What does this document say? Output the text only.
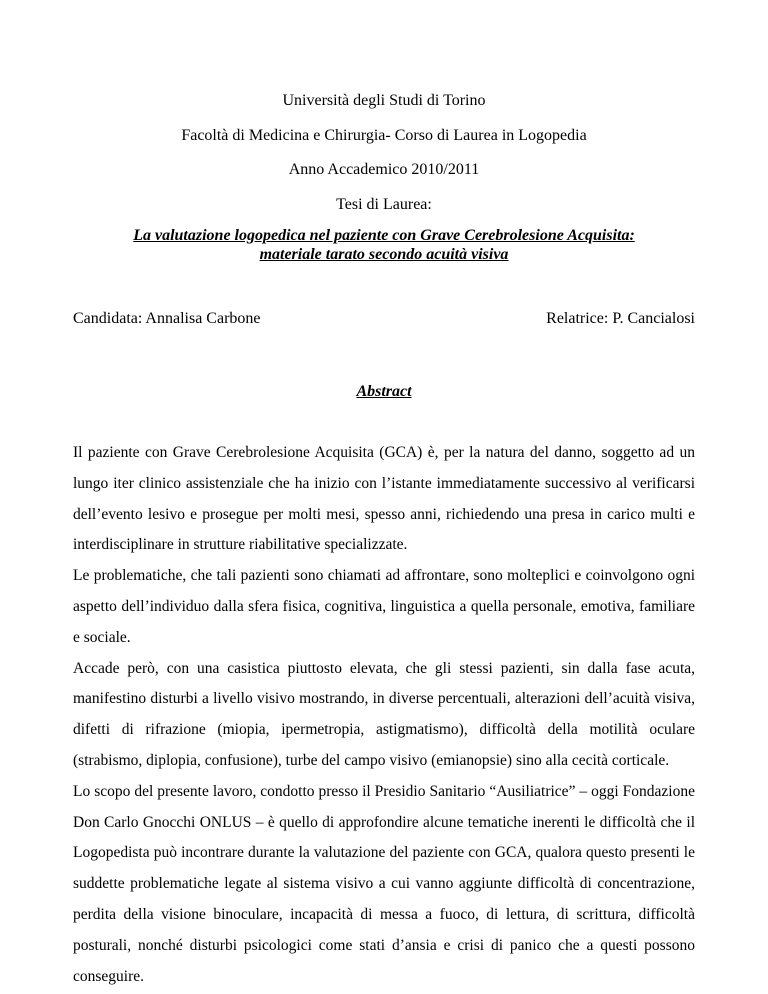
Università degli Studi di Torino
Facoltà di Medicina e Chirurgia- Corso di Laurea in Logopedia
Anno Accademico 2010/2011
Tesi di Laurea:
La valutazione logopedica nel paziente con Grave Cerebrolesione Acquisita:
materiale tarato secondo acuità visiva
Candidata: Annalisa Carbone	Relatrice: P. Cancialosi
Abstract

Il paziente con Grave Cerebrolesione Acquisita (GCA) è, per la natura del danno, soggetto ad un lungo iter clinico assistenziale che ha inizio con l’istante immediatamente successivo al verificarsi dell’evento lesivo e prosegue per molti mesi, spesso anni, richiedendo una presa in carico multi e interdisciplinare in strutture riabilitative specializzate.

Le problematiche, che tali pazienti sono chiamati ad affrontare, sono molteplici e coinvolgono ogni aspetto dell’individuo dalla sfera fisica, cognitiva, linguistica a quella personale, emotiva, familiare e sociale.

Accade però, con una casistica piuttosto elevata, che gli stessi pazienti, sin dalla fase acuta, manifestino disturbi a livello visivo mostrando, in diverse percentuali, alterazioni dell’acuità visiva, difetti di rifrazione (miopia, ipermetropia, astigmatismo), difficoltà della motilità oculare (strabismo, diplopia, confusione), turbe del campo visivo (emianopsie) sino alla cecità corticale.

Lo scopo del presente lavoro, condotto presso il Presidio Sanitario “Ausiliatrice” – oggi Fondazione Don Carlo Gnocchi ONLUS – è quello di approfondire alcune tematiche inerenti le difficoltà che il Logopedista può incontrare durante la valutazione del paziente con GCA, qualora questo presenti le suddette problematiche legate al sistema visivo a cui vanno aggiunte difficoltà di concentrazione, perdita della visione binoculare, incapacità di messa a fuoco, di lettura, di scrittura, difficoltà posturali, nonché disturbi psicologici come stati d’ansia e crisi di panico che a questi possono conseguire.
